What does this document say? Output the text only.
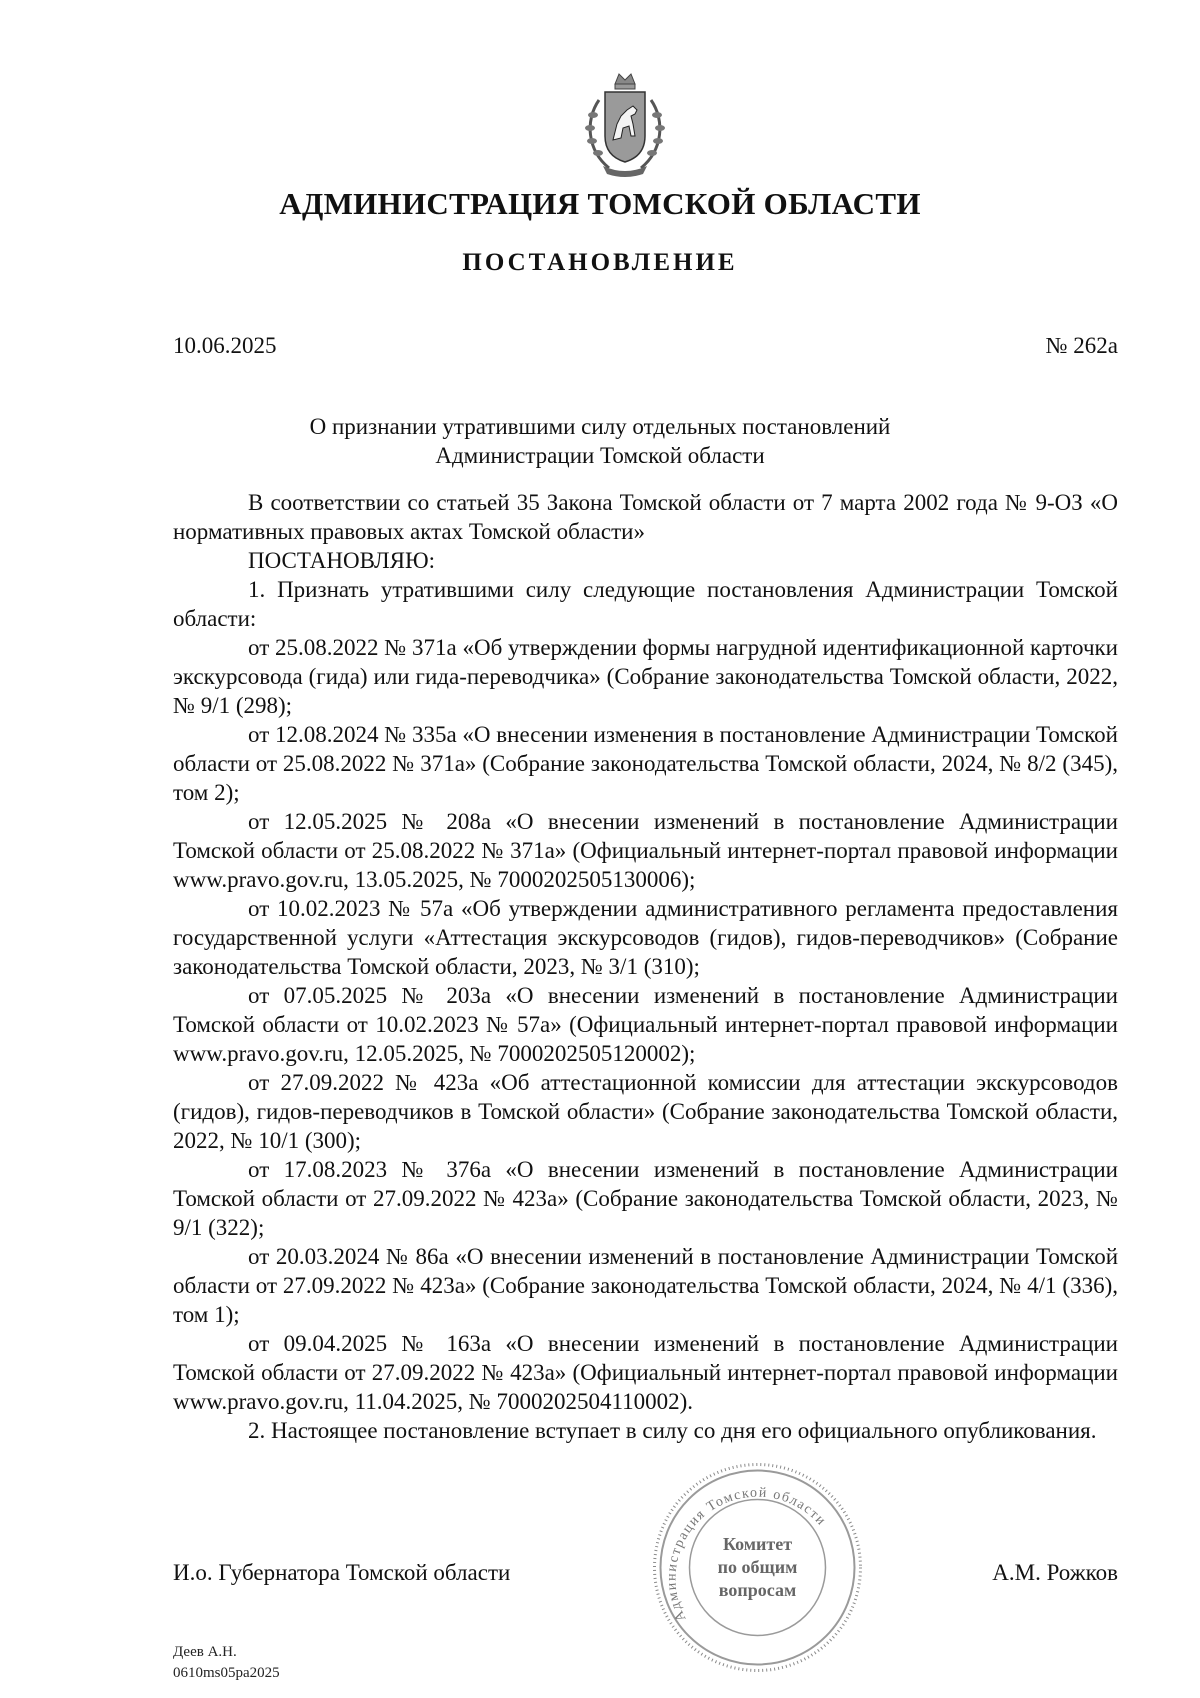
АДМИНИСТРАЦИЯ ТОМСКОЙ ОБЛАСТИ
ПОСТАНОВЛЕНИЕ
10.06.2025	№ 262а
О признании утратившими силу отдельных постановлений
Администрации Томской области

В соответствии со статьей 35 Закона Томской области от 7 марта 2002 года № 9-ОЗ «О нормативных правовых актах Томской области»

ПОСТАНОВЛЯЮ:

1. Признать утратившими силу следующие постановления Администрации Томской области:

от 25.08.2022 № 371а «Об утверждении формы нагрудной идентификационной карточки экскурсовода (гида) или гида-переводчика» (Собрание законодательства Томской области, 2022, № 9/1 (298);

от 12.08.2024 № 335а «О внесении изменения в постановление Администрации Томской области от 25.08.2022 № 371а» (Собрание законодательства Томской области, 2024, № 8/2 (345), том 2);

от 12.05.2025 № 208а «О внесении изменений в постановление Администрации Томской области от 25.08.2022 № 371а» (Официальный интернет-портал правовой информации www.pravo.gov.ru, 13.05.2025, № 7000202505130006);

от 10.02.2023 № 57а «Об утверждении административного регламента предоставления государственной услуги «Аттестация экскурсоводов (гидов), гидов-переводчиков» (Собрание законодательства Томской области, 2023, № 3/1 (310);

от 07.05.2025 № 203а «О внесении изменений в постановление Администрации Томской области от 10.02.2023 № 57а» (Официальный интернет-портал правовой информации www.pravo.gov.ru, 12.05.2025, № 7000202505120002);

от 27.09.2022 № 423а «Об аттестационной комиссии для аттестации экскурсоводов (гидов), гидов-переводчиков в Томской области» (Собрание законодательства Томской области, 2022, № 10/1 (300);

от 17.08.2023 № 376а «О внесении изменений в постановление Администрации Томской области от 27.09.2022 № 423а» (Собрание законодательства Томской области, 2023, № 9/1 (322);

от 20.03.2024 № 86а «О внесении изменений в постановление Администрации Томской области от 27.09.2022 № 423а» (Собрание законодательства Томской области, 2024, № 4/1 (336), том 1);

от 09.04.2025 № 163а «О внесении изменений в постановление Администрации Томской области от 27.09.2022 № 423а» (Официальный интернет-портал правовой информации www.pravo.gov.ru, 11.04.2025, № 7000202504110002).

2. Настоящее постановление вступает в силу со дня его официального опубликования.

Администрация Томской области
Комитет
по общим
вопросам
И.о. Губернатора Томской области	А.М. Рожков
Деев А.Н.
0610ms05pa2025
